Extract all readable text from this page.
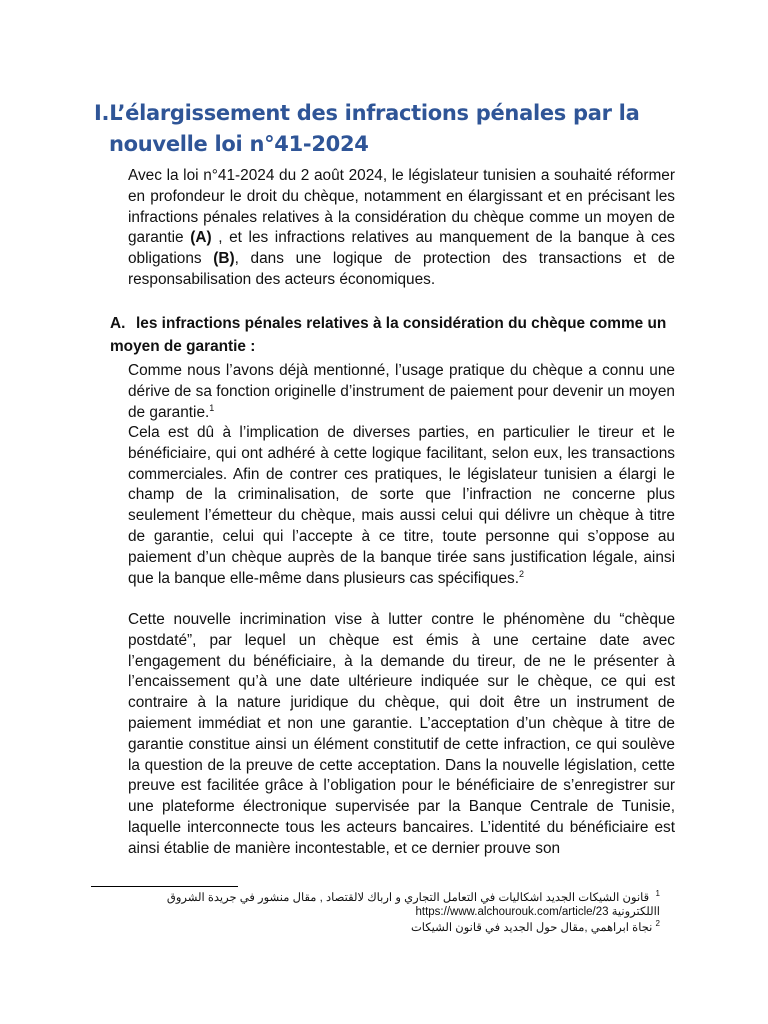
I.L’élargissement des infractions pénales par la
nouvelle loi n°41-2024
Avec la loi n°41-2024 du 2 août 2024, le législateur tunisien a souhaité réformer en profondeur le droit du chèque, notamment en élargissant et en précisant les infractions pénales relatives à la considération du chèque comme un moyen de garantie (A) , et les infractions relatives au manquement de la banque à ces obligations (B), dans une logique de protection des transactions et de responsabilisation des acteurs économiques.
A. les infractions pénales relatives à la considération du chèque comme un moyen de garantie :
Comme nous l’avons déjà mentionné, l’usage pratique du chèque a connu une dérive de sa fonction originelle d’instrument de paiement pour devenir un moyen de garantie.$^1$
Cela est dû à l’implication de diverses parties, en particulier le tireur et le bénéficiaire, qui ont adhéré à cette logique facilitant, selon eux, les transactions commerciales. Afin de contrer ces pratiques, le législateur tunisien a élargi le champ de la criminalisation, de sorte que l’infraction ne concerne plus seulement l’émetteur du chèque, mais aussi celui qui délivre un chèque à titre de garantie, celui qui l’accepte à ce titre, toute personne qui s’oppose au paiement d’un chèque auprès de la banque tirée sans justification légale, ainsi que la banque elle-même dans plusieurs cas spécifiques.$^2$
Cette nouvelle incrimination vise à lutter contre le phénomène du “chèque postdaté”, par lequel un chèque est émis à une certaine date avec l’engagement du bénéficiaire, à la demande du tireur, de ne le présenter à l’encaissement qu’à une date ultérieure indiquée sur le chèque, ce qui est contraire à la nature juridique du chèque, qui doit être un instrument de paiement immédiat et non une garantie. L’acceptation d’un chèque à titre de garantie constitue ainsi un élément constitutif de cette infraction, ce qui soulève la question de la preuve de cette acceptation. Dans la nouvelle législation, cette preuve est facilitée grâce à l’obligation pour le bénéficiaire de s’enregistrer sur une plateforme électronique supervisée par la Banque Centrale de Tunisie, laquelle interconnecte tous les acteurs bancaires. L’identité du bénéficiaire est ainsi établie de manière incontestable, et ce dernier prouve son
$^1$  قانون الشيكات الجديد اشكاليات في التعامل التجاري و ارباك لالقتصاد , مقال منشور في جريدة الشروق
االلكترونية https://www.alchourouk.com/article/23
$^2$ نجاة ابراهمي ,مقال حول الجديد في قانون الشيكات
